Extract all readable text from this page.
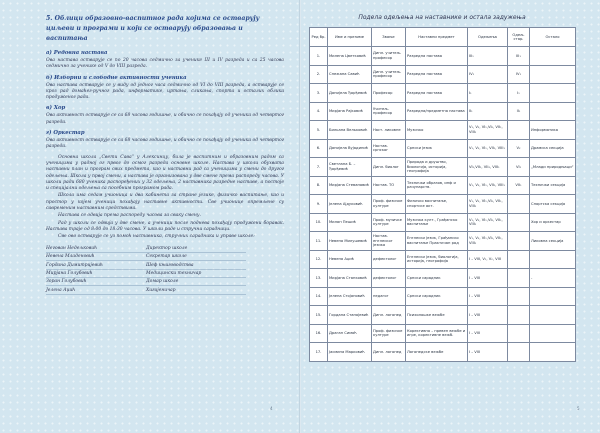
5. Облици образовно-васпитног рада којима се остварују циљеви и програми и који се остварују образовања и васпитања
а) Редовна настава
Ова настава остварује се по 20 часова седмично за ученике III и IV разреда и са 25 часова седмично за ученике од V до VIII разреда.
б) Изборни и слободне активности ученика
Ова настава остварује се у виду од једног часа седмично од VI до VIII разреда, а остварује се кроз рад домаћег-ручног рада, информатике, цртања, сликања, спорта и осталих облика продуженог рада.
в) Хор
Ова активност остварује се са 68 часова годишње, и обично се похађају од ученика од четвртог разреда.
г) Оркестар
Ова активност остварује се са 68 часова годишње, и обично се похађају од ученика од четвртог разреда.
Основна школа „Свети Сава“ у Алексинцу, била је васпитним и образовним радом са ученицима у радној ог првог до осмог разреда основне школе. Настава у школи обухвата наставни план и програм свих предмета, као и наставни рад са ученицима у смени до другог одељења. Школа у првој смени, а настава је организована у две смене према распореду часова. У школи ради 680 ученика распоређених у 32 одељења, 2 наставника разредне наставе, а постоје и специјални одељења са посебним програмом рада.
Школа има седам учионица и два кабинета за стране језике, физичко васпитање, као и простор у којем ученици похађају наставне активности. Све учионице опремљене су савременим наставним средствима.
Настава се одвија према распореду часова за сваку смену.
Рад у школи се одвија у две смене, а ученици после поднева похађају продужени боравак. Настава траје од 8:00 до 18:30 часова. У школи раде и стручни сарадници.
Све ово остварује се уз помоћ наставника, стручних сарадника и управе школе:
Негован Недељковић	Директор школе
Невена Младеновић	Секретар школе
Гордана Димитријевић	Шеф књиговодства
Мирјана Голубовић	Медицински техничар
Зоран Голубовић	Домар школе
Јелена Аџић	Хигијеничар
4
Подела одељења на наставнике и осталa задужења
Ред бр.	Име и презиме	Звање	Наставни предмет	Одељења	Одељ. стар.	Остало
1.	Милена Цветковић	Дипл. учитељ-професор	Разредна настава	III₁	III₁	
2.	Снежана Савић	Дипл. учитељ-професор	Разредна настава	IV₁	IV₁	
3.	Данијела Ђорђевић	Професор	Разредна настава	I₁	I₁	
4.	Мирјана Рајковић	Учитељ-професор	Разредна/предметна настава	II₁	II₁	
5.	Бильана Вельковић	Наст. ликовне	Музичко	V₁, V₂, VI₁,VI₂, VII₁, VIII₁		Информатика
6.	Даниjела Вујадинић	Настав. српског	Српски језик	V₁, V₂, VI₁, VII₁, VIII₁	V₂	Драмска секција
7.	Светлана Б. – Ђорђевић	Дипл. биолог	Природа и друштво, биологија, историја, географија	VI₁,VII₁, VII₂, VIII₁	VI₁	„Млади природњаци“
8.	Мирјана Стевановић	Настав. ТО	Технички образов, инф и рачунарств.	V₁, V₂, VI₁, VII₁, VIII₁	VII₁	Технички секција
9.	Јелена Ајдуковић	Проф. физичке културе	Физичко васпитање, спортске акт.	V₁, V₂, VI₁,VI₂, VII₁, VIII₁		Спортска секција
10.	Милан Пешић	Проф. музичке културе	Музичка култ., Грађанско васпитање	V₁, V₂, VI₁,VI₂, VII₁, VIII₁		Хор и оркестар
11.	Невена Милушевић	Настав. енглеског језика	Енглески језик, Грађанско васпитање Практичан рад	V₁, V₂, VI₁,VI₂, VII₁, VIII₁		Ликовна секција
12.	Невена Аџић	дефектолог	Енглески језик, биологија, историја, географија	I – VIII, V₁, V₂, VIII		
13.	Мирјана Станковић	дефектолог	Српски сарадник	I – VIII		-
14.	Јелена Стојановић	педагог	Српски сарадник	I – VIII		
15.	Гордана Станојевић	Дипл. логопед	Психолошке вежбе	I – VIII		
16.	Драган Симоћ	Проф. физичке културе	Корективно – превен вежбе и игре, корективне вежб.	I – VIII		
17.	Јасмина Марковић	Дипл. логопед	Логопедске вежбе	I – VIII		
5
